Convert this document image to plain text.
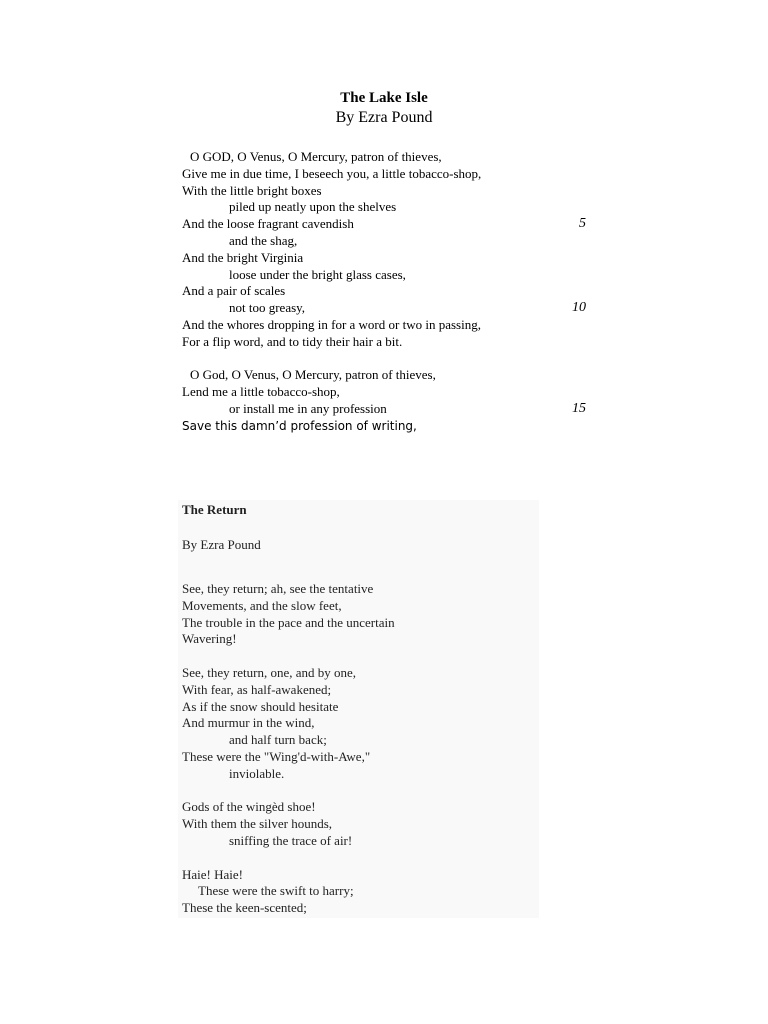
The Lake Isle
By Ezra Pound
O GOD, O Venus, O Mercury, patron of thieves,
Give me in due time, I beseech you, a little tobacco-shop,
With the little bright boxes
piled up neatly upon the shelves
And the loose fragrant cavendish	5
and the shag,
And the bright Virginia
loose under the bright glass cases,
And a pair of scales
not too greasy,	10
And the whores dropping in for a word or two in passing,
For a flip word, and to tidy their hair a bit.
O God, O Venus, O Mercury, patron of thieves,
Lend me a little tobacco-shop,
or install me in any profession	15
Save this damn’d profession of writing,
The Return
By Ezra Pound
See, they return; ah, see the tentative
Movements, and the slow feet,
The trouble in the pace and the uncertain
Wavering!
See, they return, one, and by one,
With fear, as half-awakened;
As if the snow should hesitate
And murmur in the wind,
and half turn back;
These were the "Wing'd-with-Awe,"
inviolable.
Gods of the wingèd shoe!
With them the silver hounds,
sniffing the trace of air!
Haie! Haie!
These were the swift to harry;
These the keen-scented;
